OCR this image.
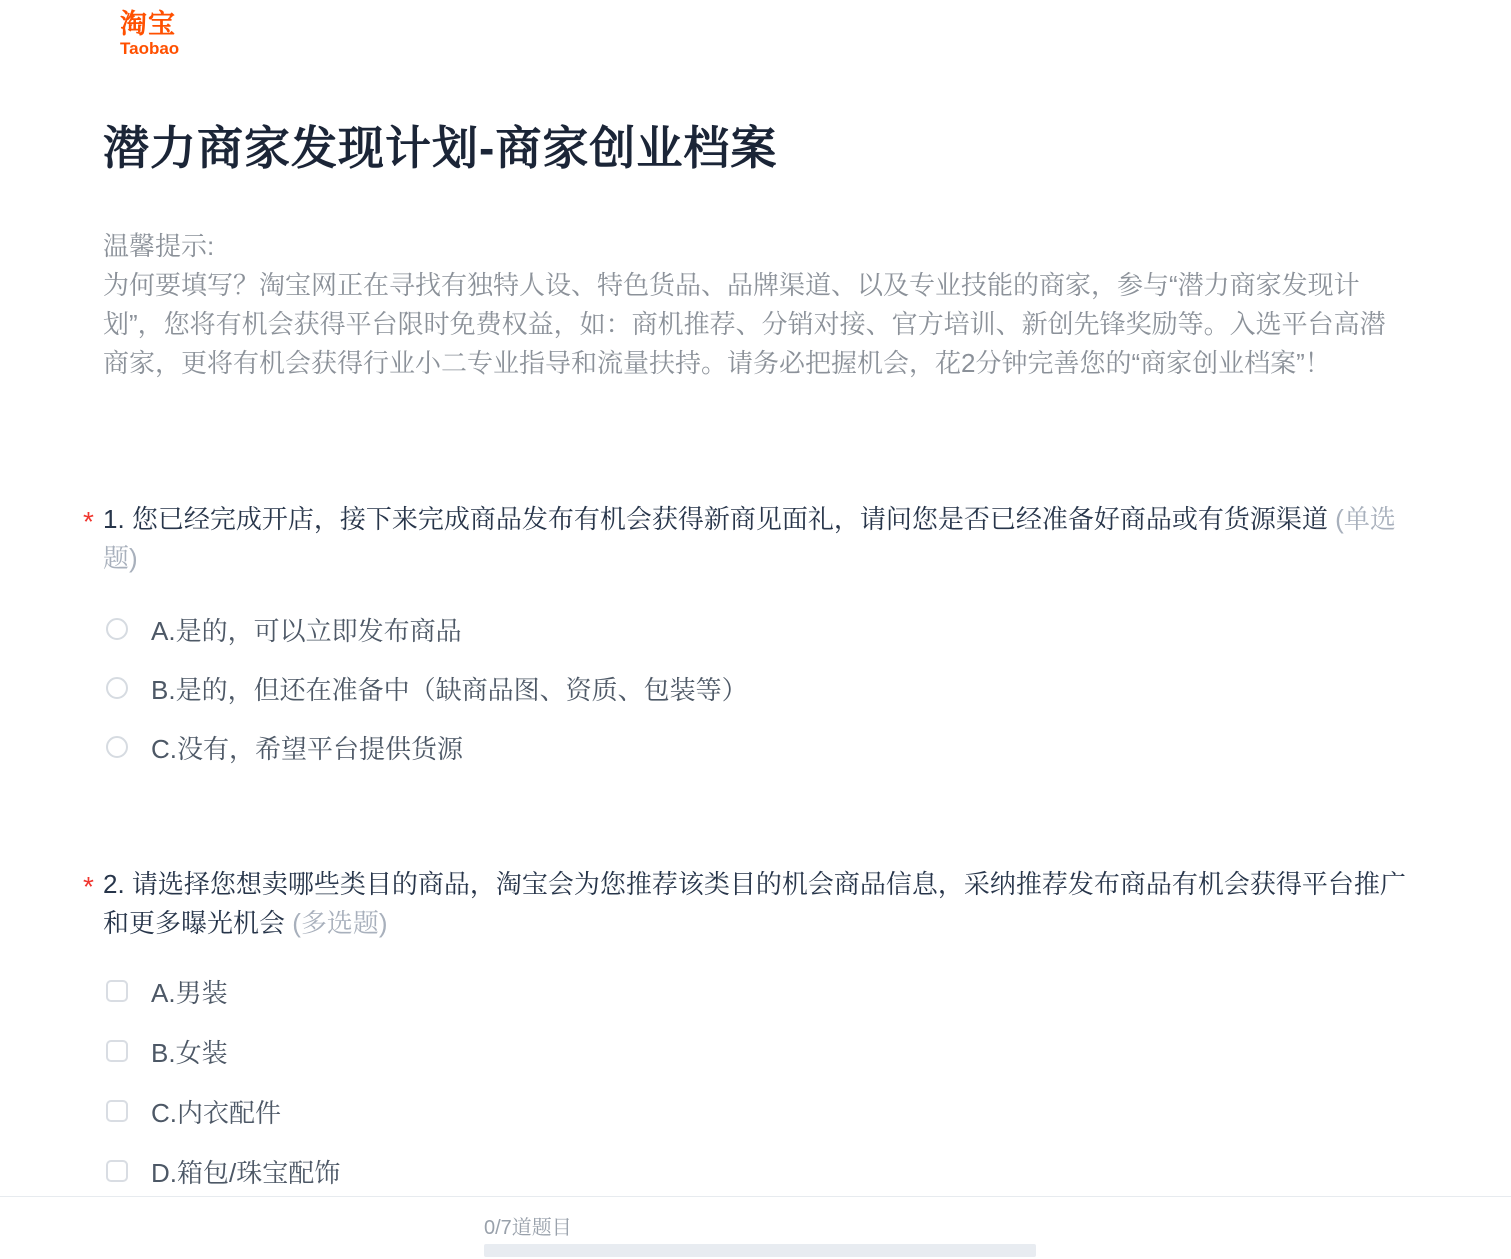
淘宝
Taobao
潜力商家发现计划-商家创业档案
温馨提示:
为何要填写？淘宝网正在寻找有独特人设、特色货品、品牌渠道、以及专业技能的商家，参与“潜力商家发现计划”，您将有机会获得平台限时免费权益，如：商机推荐、分销对接、官方培训、新创先锋奖励等。入选平台高潜商家，更将有机会获得行业小二专业指导和流量扶持。请务必把握机会，花2分钟完善您的“商家创业档案”！
* 1. 您已经完成开店，接下来完成商品发布有机会获得新商见面礼，请问您是否已经准备好商品或有货源渠道 (单选题)
A.是的，可以立即发布商品
B.是的，但还在准备中（缺商品图、资质、包装等）
C.没有，希望平台提供货源
* 2. 请选择您想卖哪些类目的商品，淘宝会为您推荐该类目的机会商品信息，采纳推荐发布商品有机会获得平台推广和更多曝光机会 (多选题)
A.男装
B.女装
C.内衣配件
D.箱包/珠宝配饰
0/7道题目
